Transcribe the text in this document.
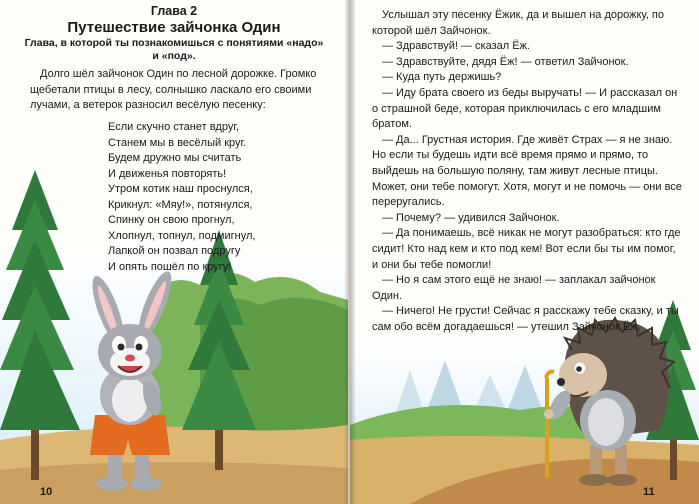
Глава 2
Путешествие зайчонка Один
Глава, в которой ты познакомишься с понятиями «надо» и «под».

Долго шёл зайчонок Один по лесной дорожке. Громко щебетали птицы в лесу, солнышко ласкало его своими лучами, а ветерок разносил весёлую песенку:

Если скучно станет вдруг,
Станем мы в весёлый круг.
Будем дружно мы считать
И движенья повторять!
Утром котик наш проснулся,
Крикнул: «Мяу!», потянулся,
Спинку он свою прогнул,
Хлопнул, топнул, подмигнул,
Лапкой он позвал подругу
И опять пошёл по кругу!
10

Услышал эту песенку Ёжик, да и вышел на дорожку, по которой шёл Зайчонок.

— Здравствуй! — сказал Ёж.

— Здравствуйте, дядя Ёж! — ответил Зайчонок.

— Куда путь держишь?

— Иду брата своего из беды выручать! — И рассказал он о страшной беде, которая приключилась с его младшим братом.

— Да... Грустная история. Где живёт Страх — я не знаю. Но если ты будешь идти всё время прямо и прямо, то выйдешь на большую поляну, там живут лесные птицы. Может, они тебе помогут. Хотя, могут и не помочь — они все переругались.

— Почему? — удивился Зайчонок.

— Да понимаешь, всё никак не могут разобраться: кто где сидит! Кто над кем и кто под кем! Вот если бы ты им помог, и они бы тебе помогли!

— Но я сам этого ещё не знаю! — заплакал зайчонок Один.

— Ничего! Не грусти! Сейчас я расскажу тебе сказку, и ты сам обо всём догадаешься! — утешил Зайчонок Ёж.

11
